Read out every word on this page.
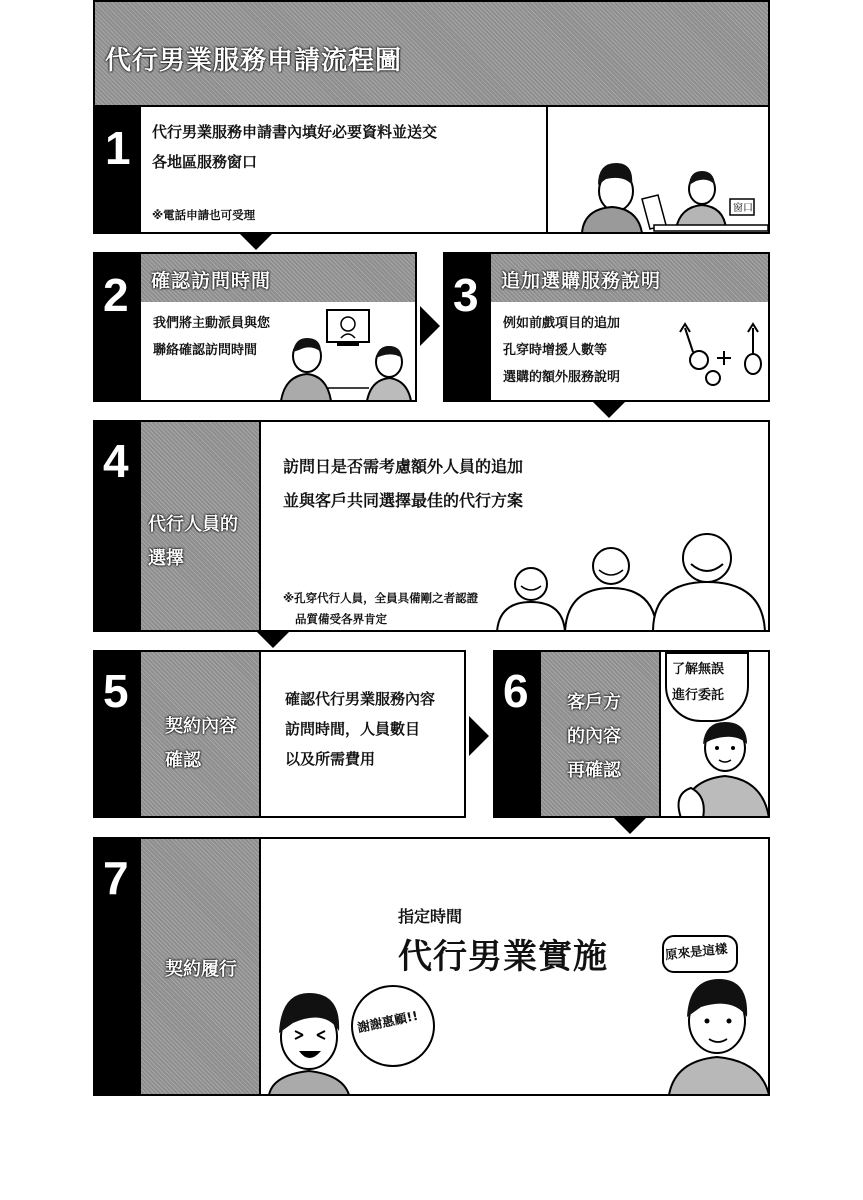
代行男業服務申請流程圖
1 代行男業服務申請書內填好必要資料並送交
各地區服務窗口
※電話申請也可受理	窗口
2 確認訪問時間
我們將主動派員與您
聯絡確認訪問時間
3 追加選購服務說明
例如前戲項目的追加
孔穿時增援人數等
選購的額外服務說明
4
代行人員的
選擇
訪問日是否需考慮額外人員的追加
並與客戶共同選擇最佳的代行方案
※孔穿代行人員，全員具備剛之者認證
品質備受各界肯定
5
契約內容
確認
確認代行男業服務內容
訪問時間，人員數目
以及所需費用
6 客戶方
的內容
再確認
了解無誤
進行委託
7
契約履行
指定時間
代行男業實施
謝謝惠顧!!
原來是這樣
